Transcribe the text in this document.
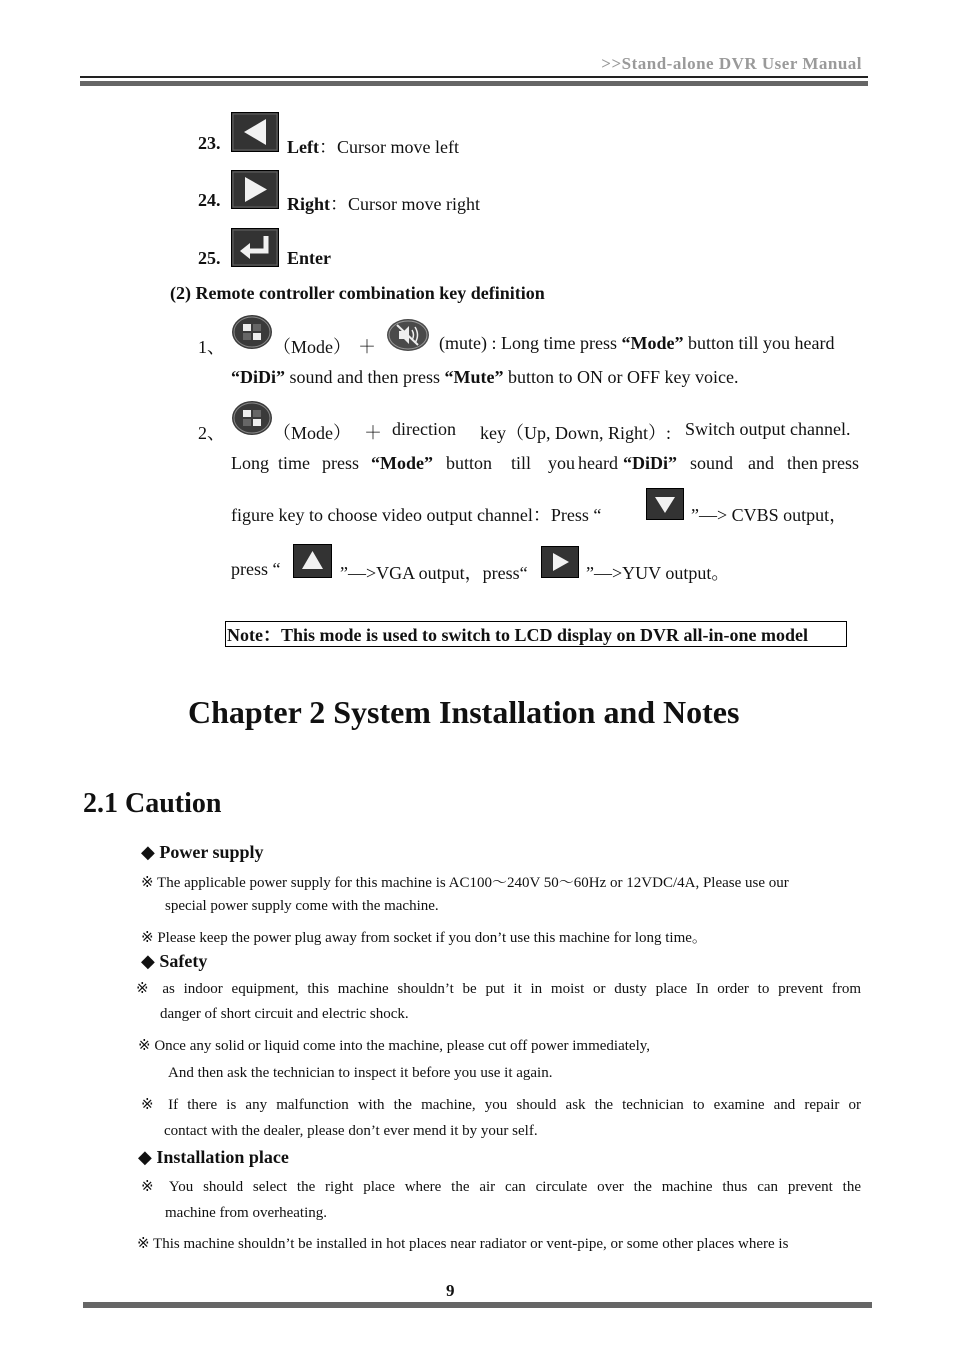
>>Stand-alone DVR User Manual
23.	Left：Cursor move left
24.	Right：Cursor move right
25.	Enter
(2) Remote controller combination key definition
1、	（Mode） ＋	(mute) : Long time press “Mode” button till you heard
“DiDi” sound and then press “Mute” button to ON or OFF key voice.
2、	（Mode） ＋ direction key（Up, Down, Right）: Switch output channel.
Long time press “Mode” button till you heard “DiDi” sound and then press
figure key to choose video output channel：Press “	”—> CVBS output，
press “	”—>VGA output，press“	”—>YUV output。
Note：This mode is used to switch to LCD display on DVR all-in-one model
Chapter 2 System Installation and Notes
2.1 Caution
◆ Power supply
※ The applicable power supply for this machine is AC100～240V 50～60Hz or 12VDC/4A, Please use our
special power supply come with the machine.
※ Please keep the power plug away from socket if you don’t use this machine for long time。
◆ Safety
※ as indoor equipment, this machine shouldn’t be put it in moist or dusty place In order to prevent from
danger of short circuit and electric shock.
※ Once any solid or liquid come into the machine, please cut off power immediately,
And then ask the technician to inspect it before you use it again.
※ If there is any malfunction with the machine, you should ask the technician to examine and repair or
contact with the dealer, please don’t ever mend it by your self.
◆ Installation place
※ You should select the right place where the air can circulate over the machine thus can prevent the
machine from overheating.
※ This machine shouldn’t be installed in hot places near radiator or vent-pipe, or some other places where is
9
